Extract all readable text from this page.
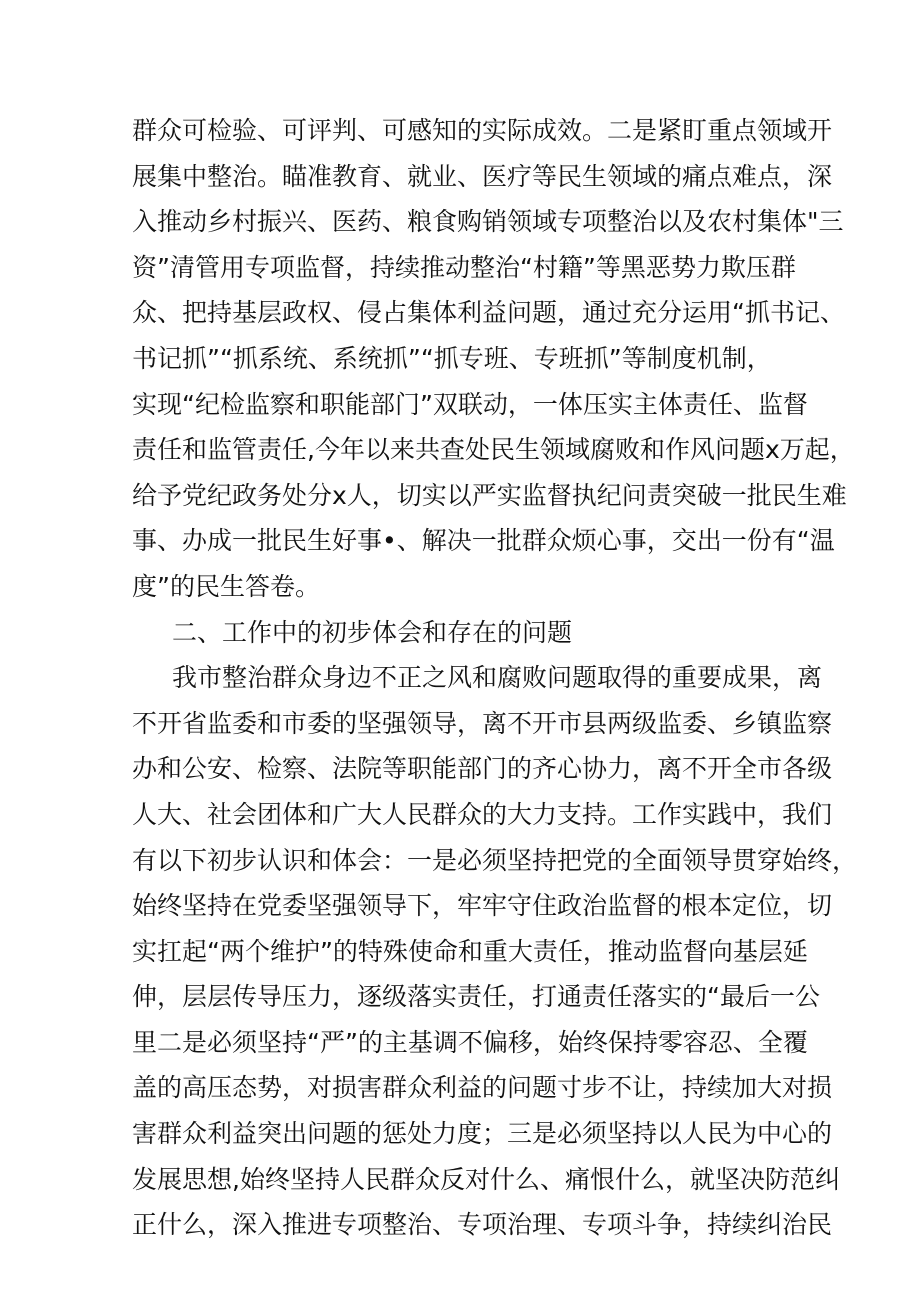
群众可检验、可评判、可感知的实际成效。二是紧盯重点领域开
展集中整治。瞄准教育、就业、医疗等民生领域的痛点难点，深
入推动乡村振兴、医药、粮食购销领域专项整治以及农村集体"三
资”清管用专项监督，持续推动整治“村籍”等黑恶势力欺压群
众、把持基层政权、侵占集体利益问题，通过充分运用“抓书记、
书记抓”“抓系统、系统抓”“抓专班、专班抓”等制度机制，
实现“纪检监察和职能部门”双联动，一体压实主体责任、监督
责任和监管责任,今年以来共查处民生领域腐败和作风问题x万起，
给予党纪政务处分x人，切实以严实监督执纪问责突破一批民生难
事、办成一批民生好事•、解决一批群众烦心事，交出一份有“温
度”的民生答卷。
二、工作中的初步体会和存在的问题
我市整治群众身边不正之风和腐败问题取得的重要成果，离
不开省监委和市委的坚强领导，离不开市县两级监委、乡镇监察
办和公安、检察、法院等职能部门的齐心协力，离不开全市各级
人大、社会团体和广大人民群众的大力支持。工作实践中，我们
有以下初步认识和体会：一是必须坚持把党的全面领导贯穿始终，
始终坚持在党委坚强领导下，牢牢守住政治监督的根本定位，切
实扛起“两个维护”的特殊使命和重大责任，推动监督向基层延
伸，层层传导压力，逐级落实责任，打通责任落实的“最后一公
里二是必须坚持“严”的主基调不偏移，始终保持零容忍、全覆
盖的高压态势，对损害群众利益的问题寸步不让，持续加大对损
害群众利益突出问题的惩处力度；三是必须坚持以人民为中心的
发展思想,始终坚持人民群众反对什么、痛恨什么，就坚决防范纠
正什么，深入推进专项整治、专项治理、专项斗争，持续纠治民
